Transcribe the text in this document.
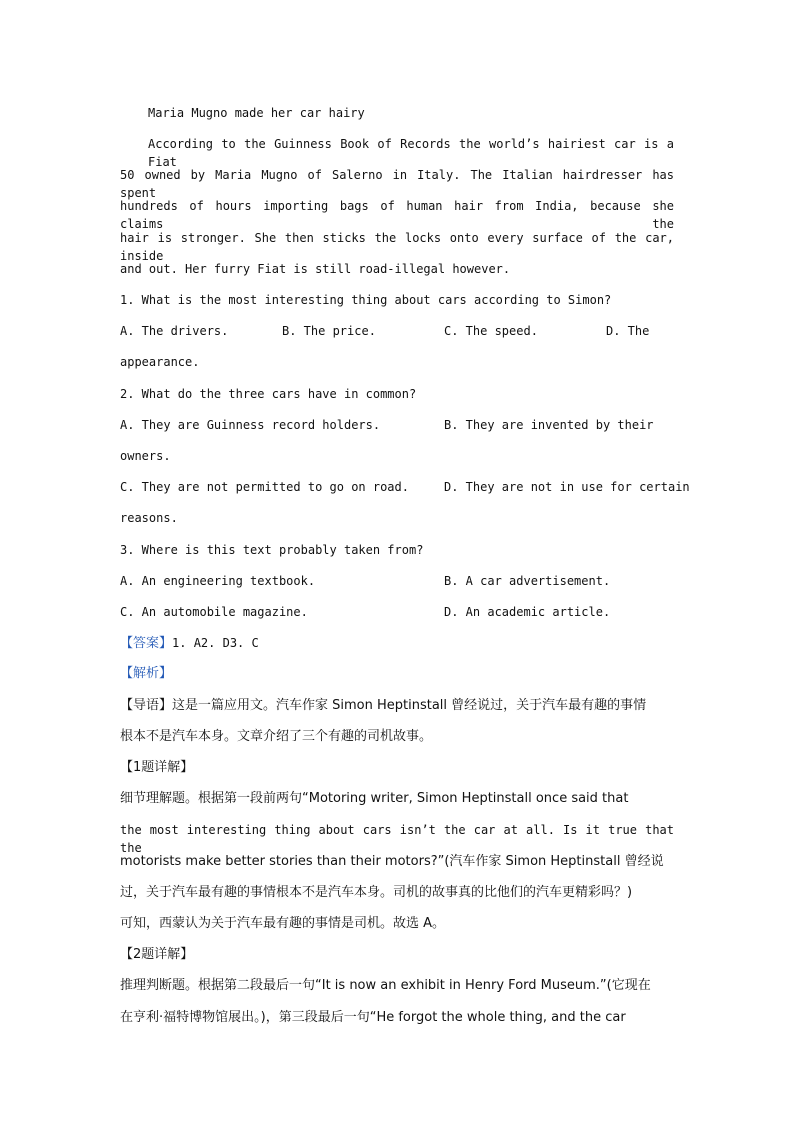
Maria Mugno made her car hairy
According to the Guinness Book of Records the world’s hairiest car is a Fiat
50 owned by Maria Mugno of Salerno in Italy. The Italian hairdresser has spent
hundreds of hours importing bags of human hair from India, because she claims the
hair is stronger. She then sticks the locks onto every surface of the car, inside
and out. Her furry Fiat is still road-illegal however.
1. What is the most interesting thing about cars according to Simon?
A. The drivers.	B. The price.	C. The speed.	D. The
appearance.
2. What do the three cars have in common?
A. They are Guinness record holders.	B. They are invented by their
owners.
C. They are not permitted to go on road.	D. They are not in use for certain
reasons.
3. Where is this text probably taken from?
A. An engineering textbook.	B. A car advertisement.
C. An automobile magazine.	D. An academic article.
【答案】1. A2. D3. C
【解析】
【导语】这是一篇应用文。汽车作家 Simon Heptinstall 曾经说过，关于汽车最有趣的事情
根本不是汽车本身。文章介绍了三个有趣的司机故事。
【1题详解】
细节理解题。根据第一段前两句“Motoring writer, Simon Heptinstall once said that
the most interesting thing about cars isn’t the car at all. Is it true that the
motorists make better stories than their motors?”(汽车作家 Simon Heptinstall 曾经说
过，关于汽车最有趣的事情根本不是汽车本身。司机的故事真的比他们的汽车更精彩吗？)
可知，西蒙认为关于汽车最有趣的事情是司机。故选 A。
【2题详解】
推理判断题。根据第二段最后一句“It is now an exhibit in Henry Ford Museum.”(它现在
在亨利·福特博物馆展出。)，第三段最后一句“He forgot the whole thing, and the car
